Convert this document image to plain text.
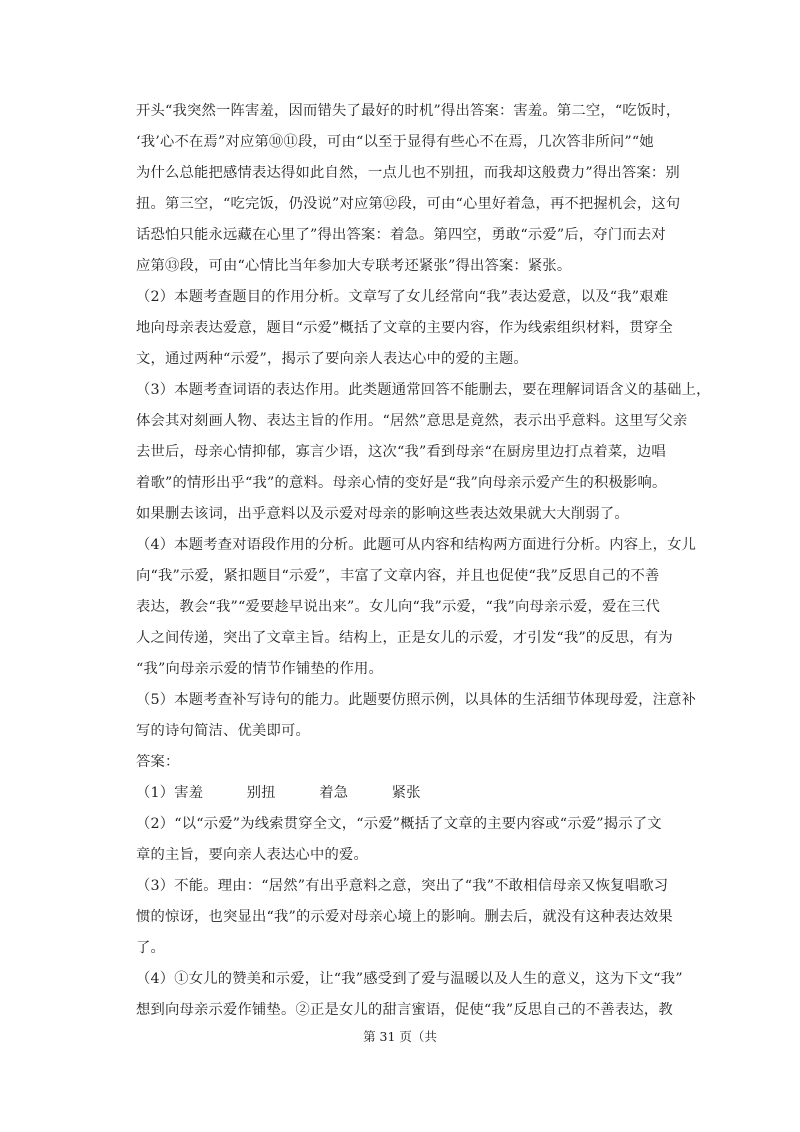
开头“我突然一阵害羞，因而错失了最好的时机”得出答案：害羞。第二空，“吃饭时，
‘我’心不在焉”对应第⑩⑪段，可由“以至于显得有些心不在焉，几次答非所问”“她
为什么总能把感情表达得如此自然，一点儿也不别扭，而我却这般费力”得出答案：别
扭。第三空，“吃完饭，仍没说”对应第⑫段，可由“心里好着急，再不把握机会，这句
话恐怕只能永远藏在心里了”得出答案：着急。第四空，勇敢“示爱”后，夺门而去对
应第⑬段，可由“心情比当年参加大专联考还紧张”得出答案：紧张。
（2）本题考查题目的作用分析。文章写了女儿经常向“我”表达爱意，以及“我”艰难
地向母亲表达爱意，题目“示爱”概括了文章的主要内容，作为线索组织材料，贯穿全
文，通过两种“示爱”，揭示了要向亲人表达心中的爱的主题。
（3）本题考查词语的表达作用。此类题通常回答不能删去，要在理解词语含义的基础上，
体会其对刻画人物、表达主旨的作用。“居然”意思是竟然，表示出乎意料。这里写父亲
去世后，母亲心情抑郁，寡言少语，这次“我”看到母亲“在厨房里边打点着菜，边唱
着歌”的情形出乎“我”的意料。母亲心情的变好是“我”向母亲示爱产生的积极影响。
如果删去该词，出乎意料以及示爱对母亲的影响这些表达效果就大大削弱了。
（4）本题考查对语段作用的分析。此题可从内容和结构两方面进行分析。内容上，女儿
向“我”示爱，紧扣题目“示爱”，丰富了文章内容，并且也促使“我”反思自己的不善
表达，教会“我”“爱要趁早说出来”。女儿向“我”示爱，“我”向母亲示爱，爱在三代
人之间传递，突出了文章主旨。结构上，正是女儿的示爱，才引发“我”的反思，有为
“我”向母亲示爱的情节作铺垫的作用。
（5）本题考查补写诗句的能力。此题要仿照示例，以具体的生活细节体现母爱，注意补
写的诗句简洁、优美即可。
答案：
（1）害羞　　　别扭　　　着急　　　紧张
（2）“以“示爱”为线索贯穿全文，“示爱”概括了文章的主要内容或“示爱”揭示了文
章的主旨，要向亲人表达心中的爱。
（3）不能。理由：“居然”有出乎意料之意，突出了“我”不敢相信母亲又恢复唱歌习
惯的惊讶，也突显出“我”的示爱对母亲心境上的影响。删去后，就没有这种表达效果
了。
（4）①女儿的赞美和示爱，让“我”感受到了爱与温暖以及人生的意义，这为下文“我”
想到向母亲示爱作铺垫。②正是女儿的甜言蜜语，促使“我”反思自己的不善表达，教
第 31 页（共
